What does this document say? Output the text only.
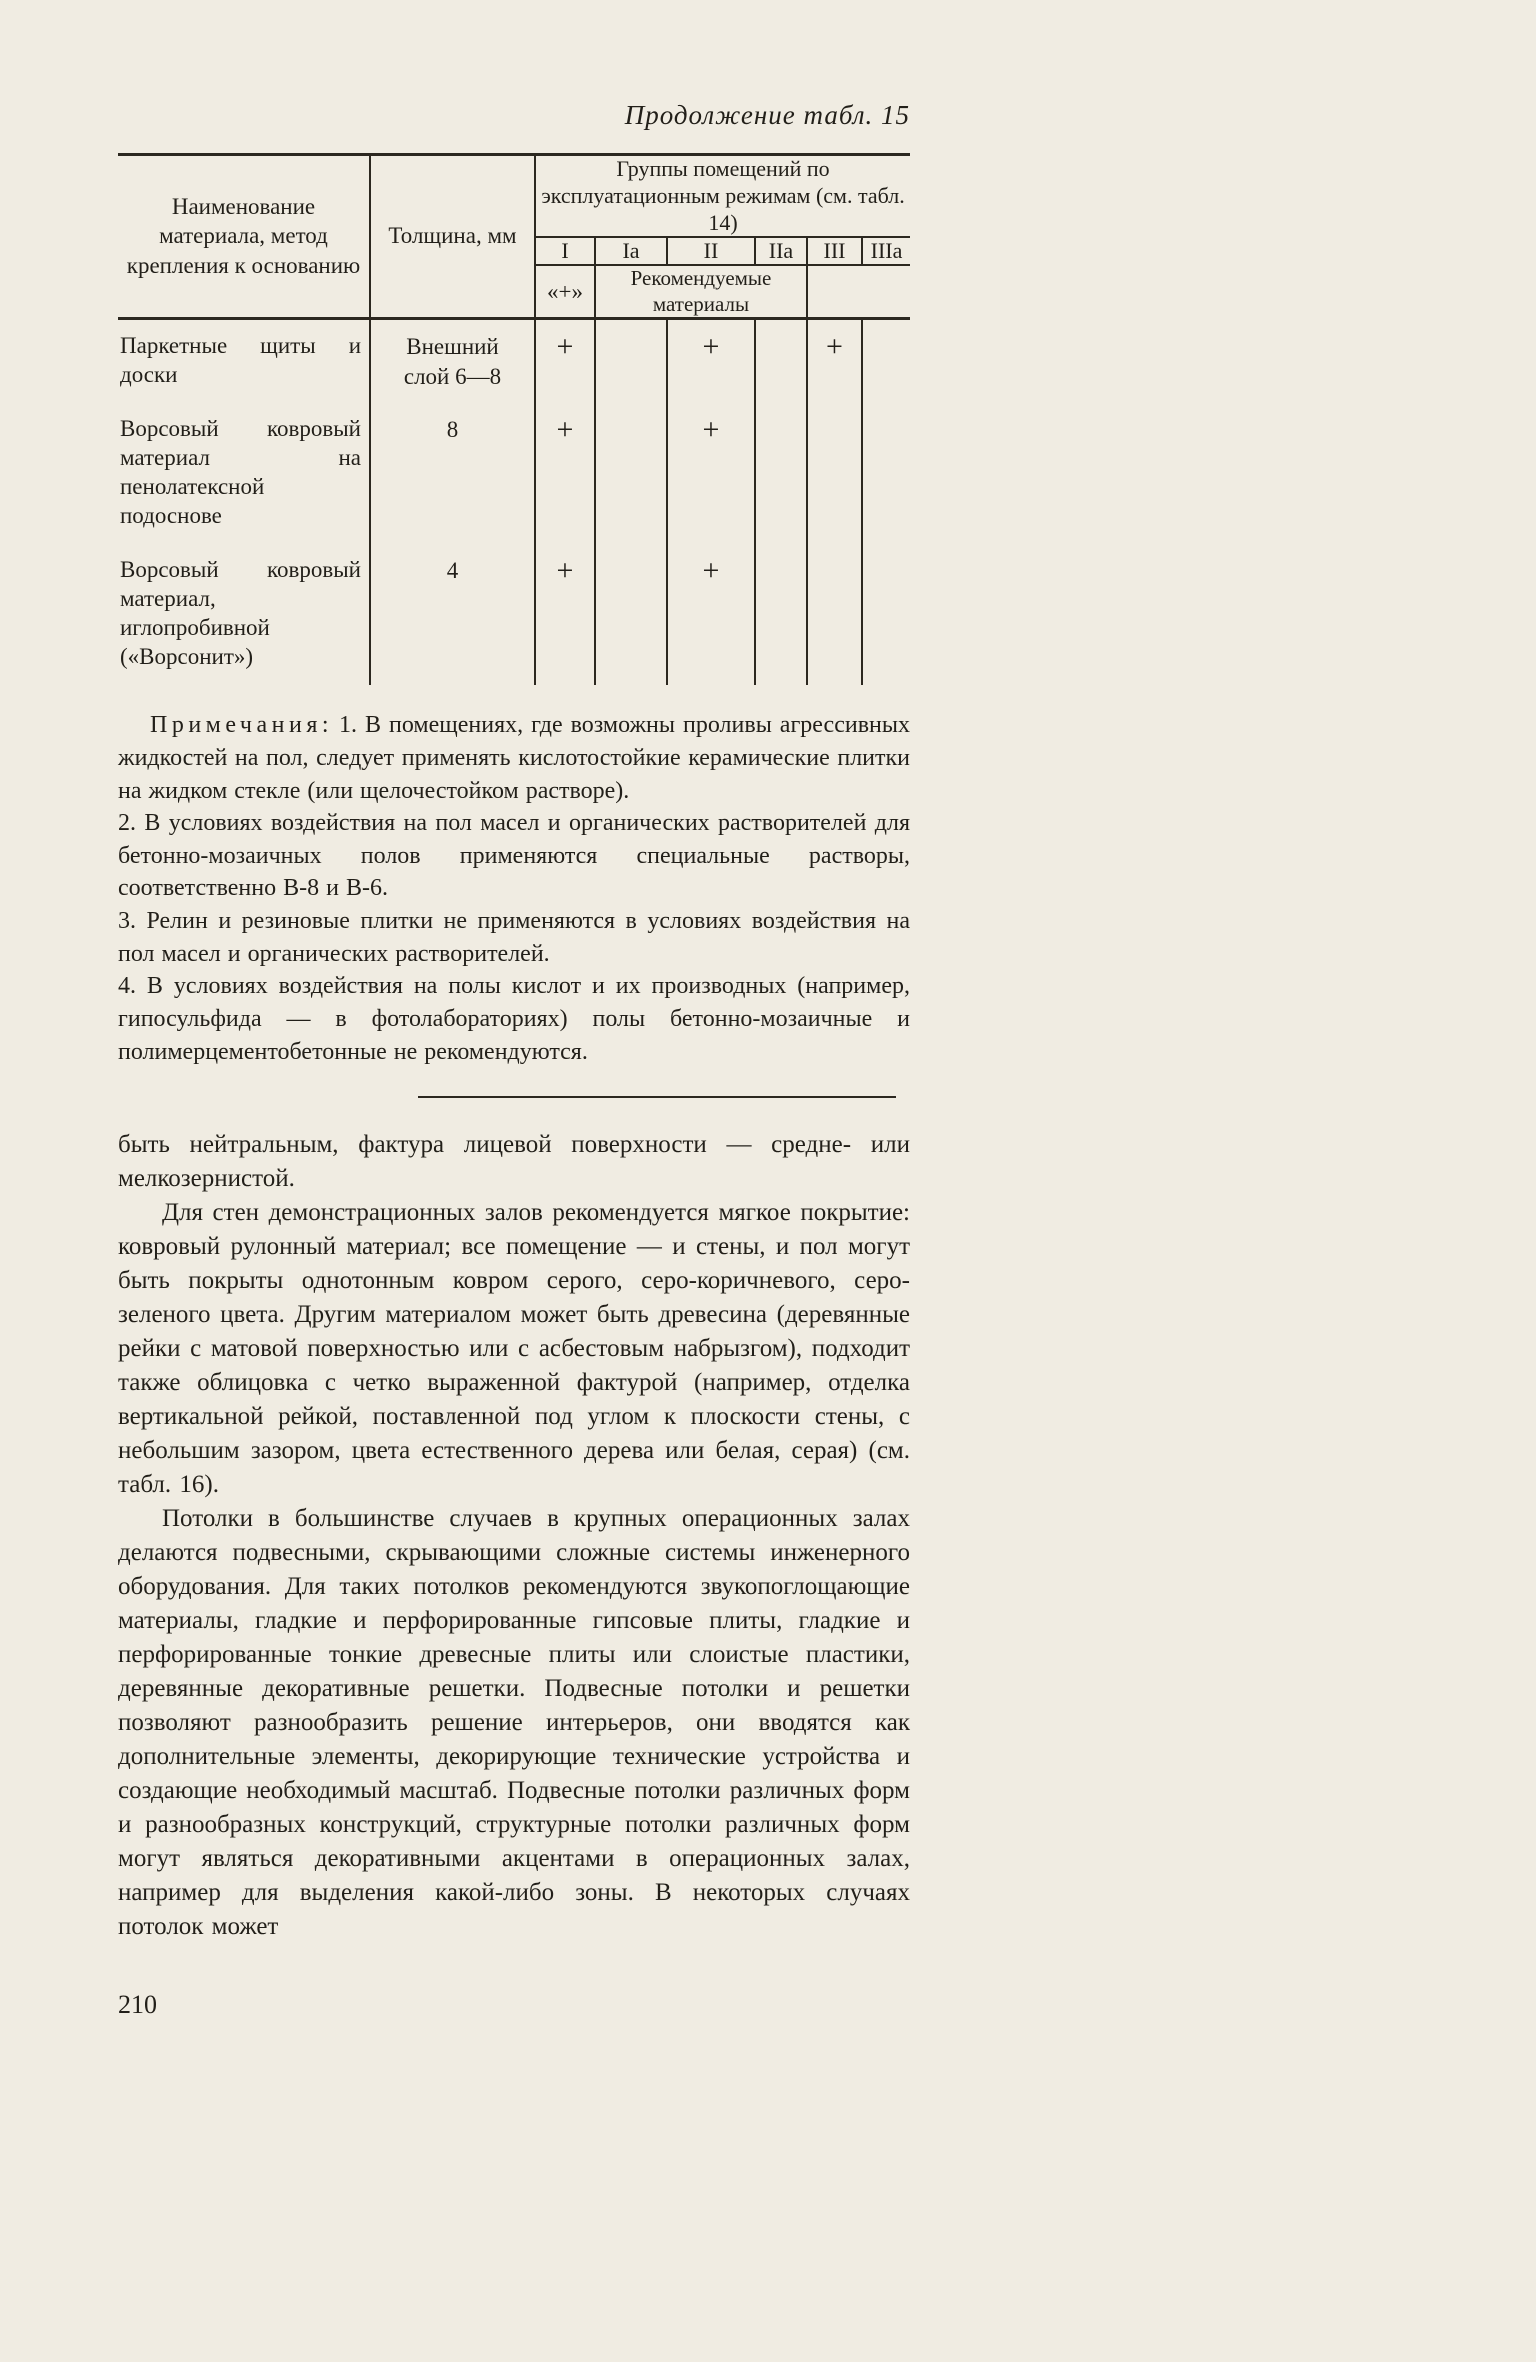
Продолжение табл. 15
Наименование материала, метод крепления к основанию	Толщина, мм	Группы помещений по эксплуатационным режимам (см. табл. 14)					
		I	Ia	II	IIa	III	IIIa
		«+»	Рекомендуемые материалы				
Паркетные щиты и доски	Внешний слой 6—8	+		+		+	
Ворсовый ковровый материал на пенолатексной подоснове	8	+		+			
Ворсовый ковровый материал, иглопробивной («Ворсонит»)	4	+		+			

Примечания: 1. В помещениях, где возможны проливы агрессивных жидкостей на пол, следует применять кислотостойкие керамические плитки на жидком стекле (или щелочестойком растворе).

2. В условиях воздействия на пол масел и органических растворителей для бетонно-мозаичных полов применяются специальные растворы, соответственно В-8 и В-6.

3. Релин и резиновые плитки не применяются в условиях воздействия на пол масел и органических растворителей.

4. В условиях воздействия на полы кислот и их производных (например, гипосульфида — в фотолабораториях) полы бетонно-мозаичные и полимерцементобетонные не рекомендуются.

быть нейтральным, фактура лицевой поверхности — средне- или мелкозернистой.

Для стен демонстрационных залов рекомендуется мягкое покрытие: ковровый рулонный материал; все помещение — и стены, и пол могут быть покрыты однотонным ковром серого, серо-коричневого, серо-зеленого цвета. Другим материалом может быть древесина (деревянные рейки с матовой поверхностью или с асбестовым набрызгом), подходит также облицовка с четко выраженной фактурой (например, отделка вертикальной рейкой, поставленной под углом к плоскости стены, с небольшим зазором, цвета естественного дерева или белая, серая) (см. табл. 16).

Потолки в большинстве случаев в крупных операционных залах делаются подвесными, скрывающими сложные системы инженерного оборудования. Для таких потолков рекомендуются звукопоглощающие материалы, гладкие и перфорированные гипсовые плиты, гладкие и перфорированные тонкие древесные плиты или слоистые пластики, деревянные декоративные решетки. Подвесные потолки и решетки позволяют разнообразить решение интерьеров, они вводятся как дополнительные элементы, декорирующие технические устройства и создающие необходимый масштаб. Подвесные потолки различных форм и разнообразных конструкций, структурные потолки различных форм могут являться декоративными акцентами в операционных залах, например для выделения какой-либо зоны. В некоторых случаях потолок может

210
